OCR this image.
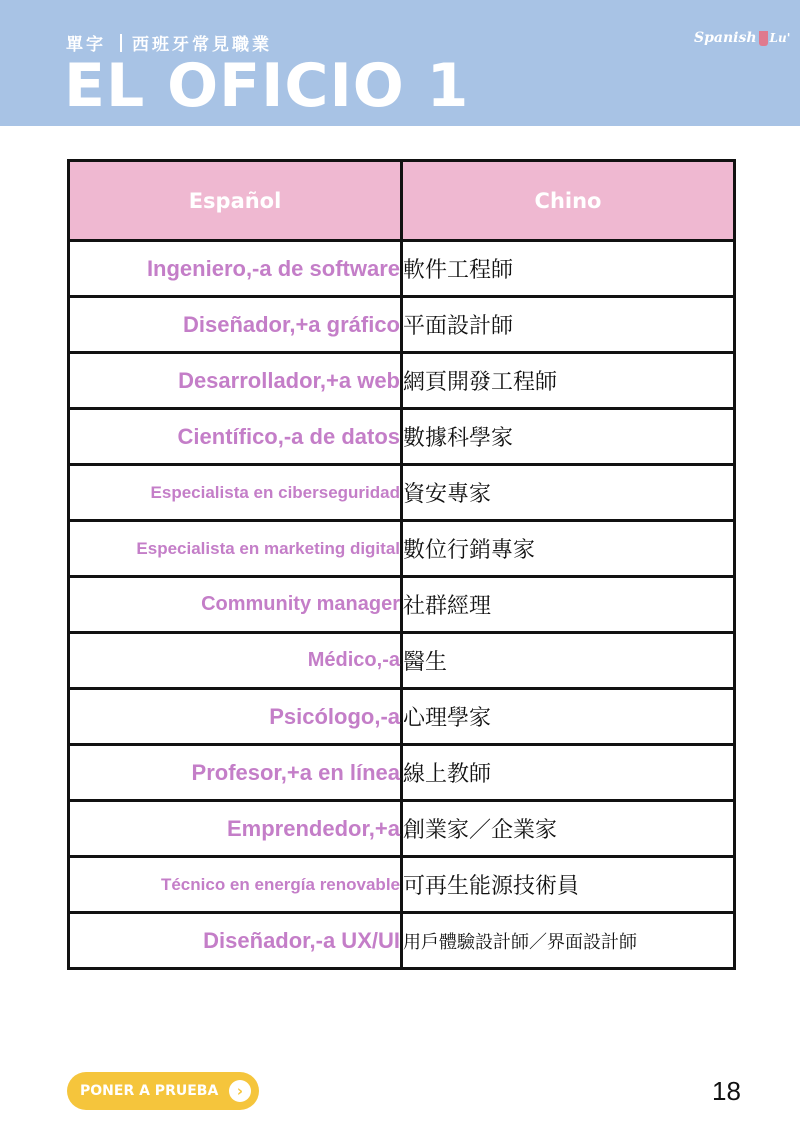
單字 西班牙常見職業
EL OFICIO 1
Spanish Lu'
Español	Chino
Ingeniero,-a de software	軟件工程師
Diseñador,+a gráfico	平面設計師
Desarrollador,+a web	網頁開發工程師
Científico,-a de datos	數據科學家
Especialista en ciberseguridad	資安專家
Especialista en marketing digital	數位行銷專家
Community manager	社群經理
Médico,-a	醫生
Psicólogo,-a	心理學家
Profesor,+a en línea	線上教師
Emprendedor,+a	創業家／企業家
Técnico en energía renovable	可再生能源技術員
Diseñador,-a UX/UI	用戶體驗設計師／界面設計師
PONER A PRUEBA	›	18
